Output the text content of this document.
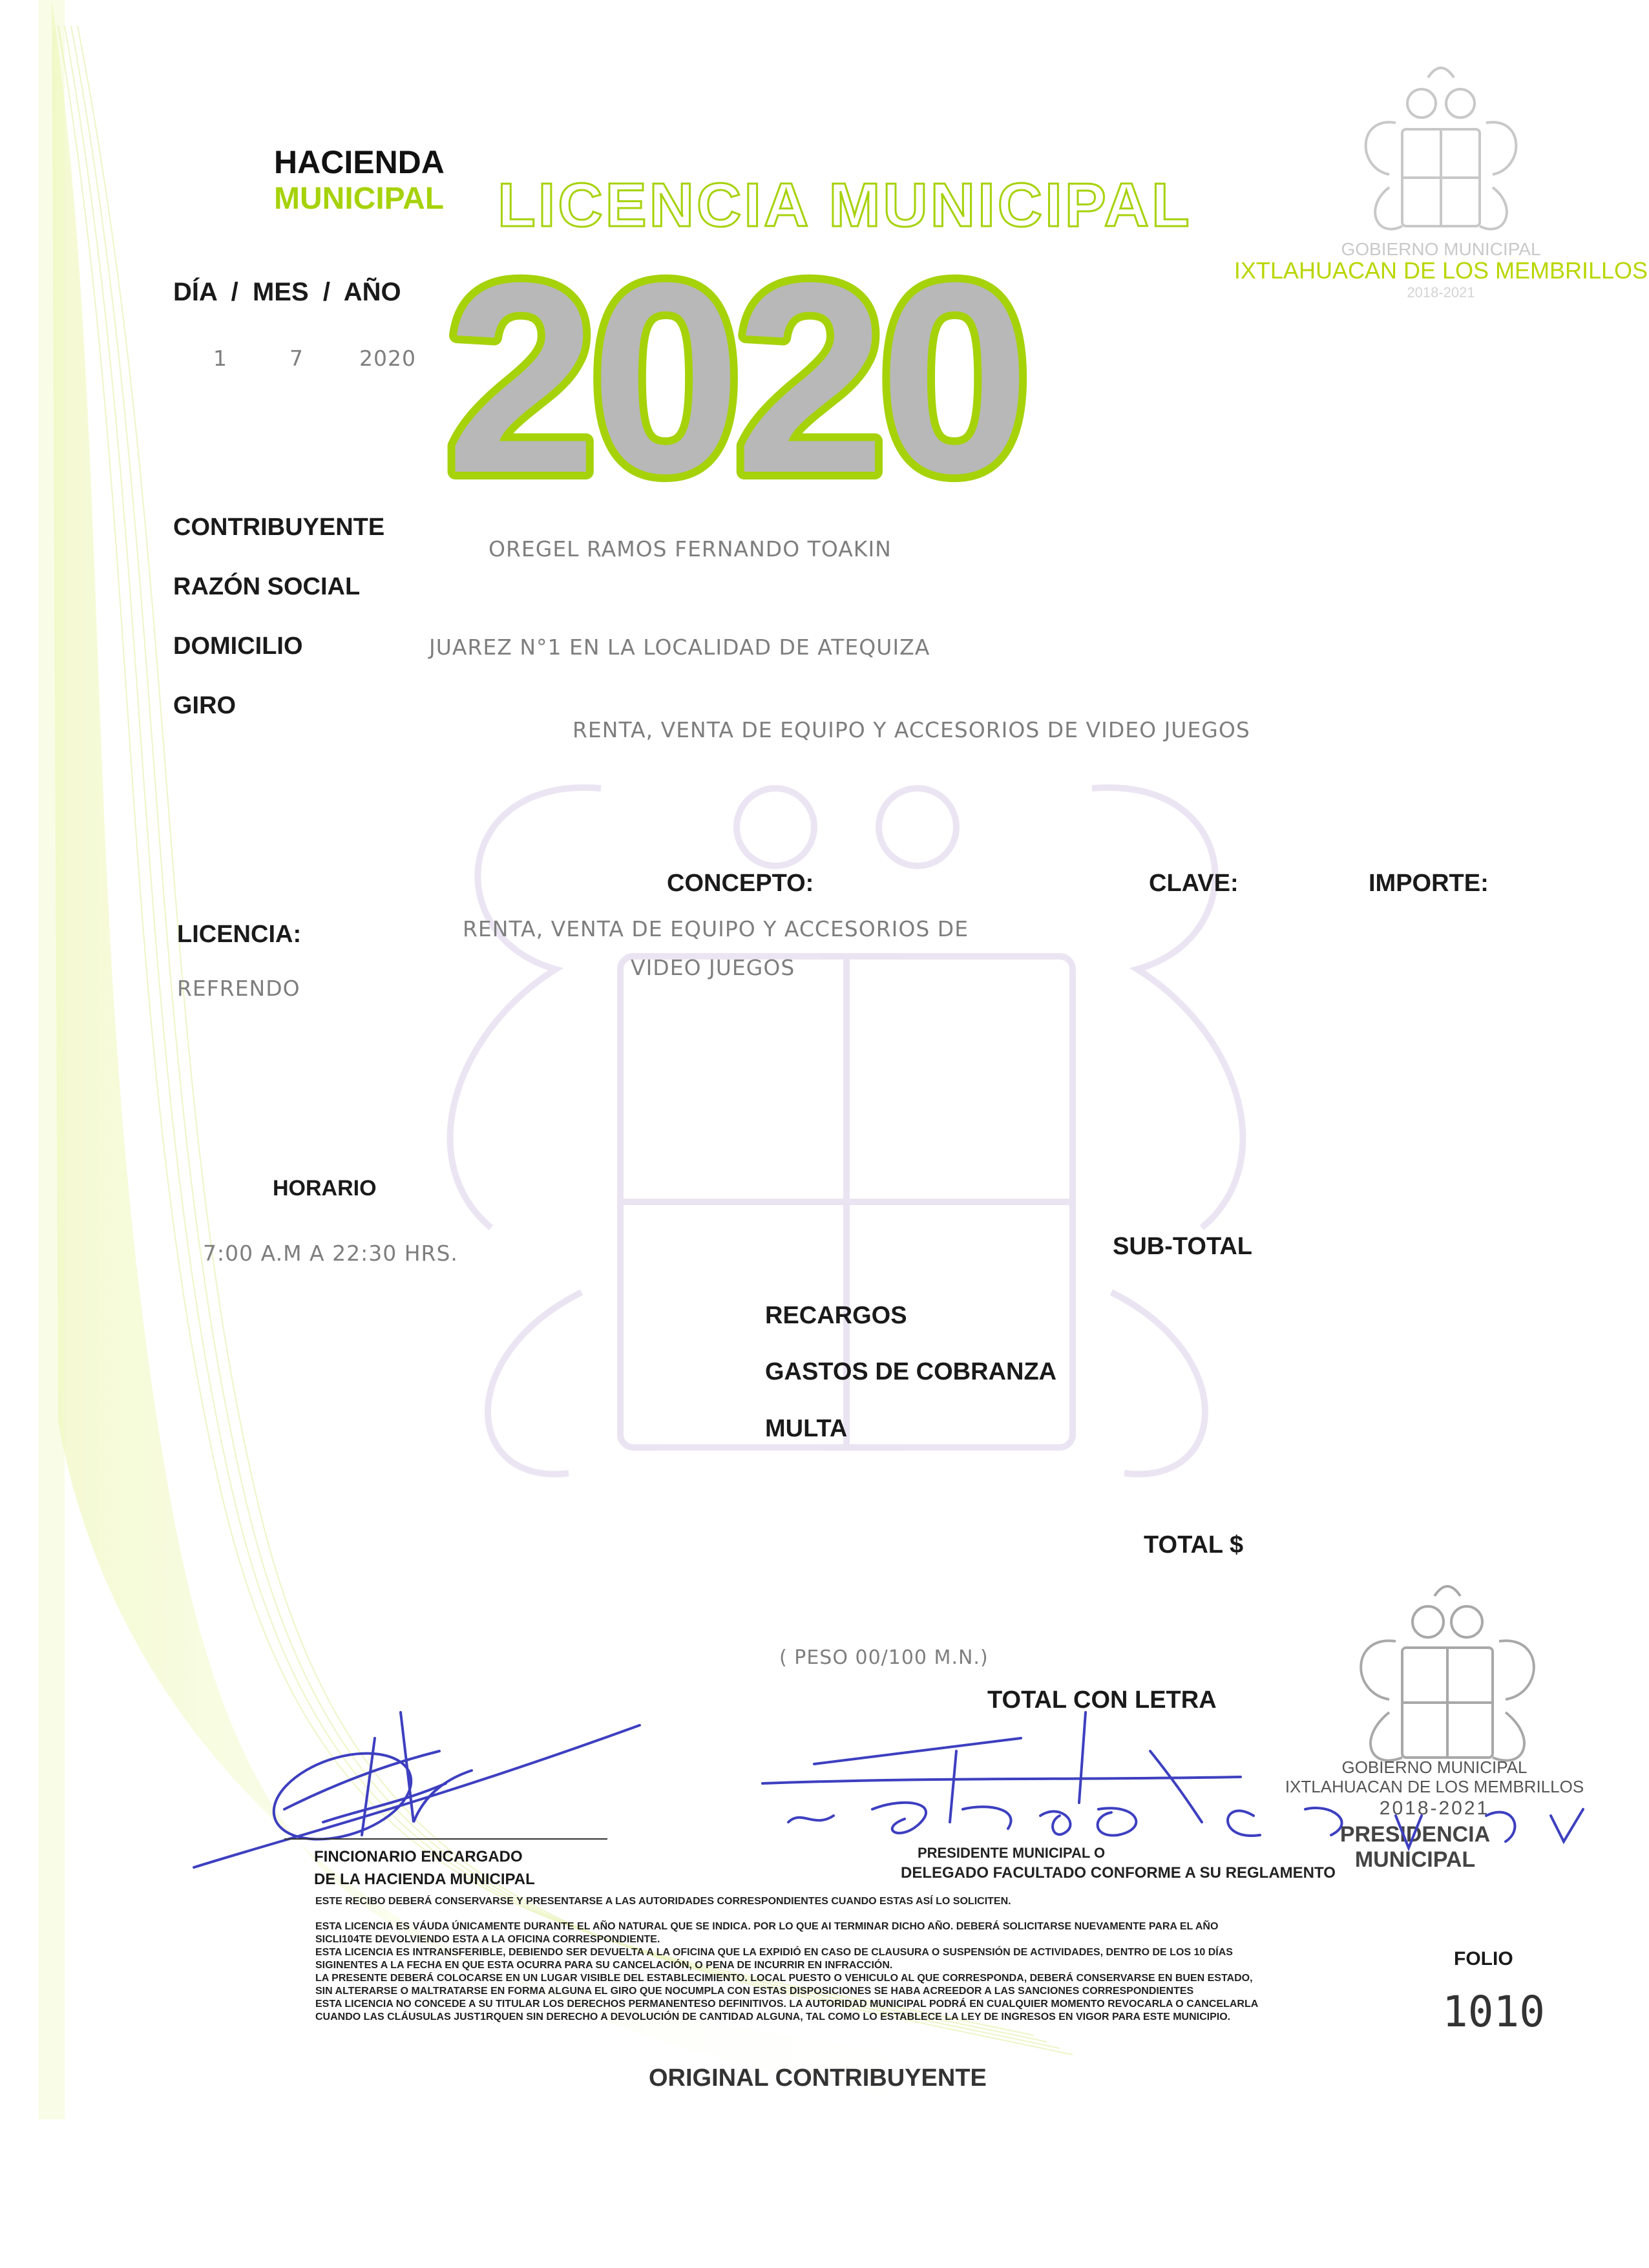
HACIENDA
MUNICIPAL LICENCIA MUNICIPAL
2020	GOBIERNO MUNICIPAL
IXTLAHUACAN DE LOS MEMBRILLOS
2018-2021
DÍA  /  MES  /  AÑO
1	7	2020
CONTRIBUYENTE
OREGEL RAMOS FERNANDO TOAKIN
RAZÓN SOCIAL
DOMICILIO	JUAREZ N°1 EN LA LOCALIDAD DE ATEQUIZA
GIRO
RENTA, VENTA DE EQUIPO Y ACCESORIOS DE VIDEO JUEGOS
CONCEPTO:	CLAVE:	IMPORTE:
LICENCIA:
REFRENDO
RENTA, VENTA DE EQUIPO Y ACCESORIOS DE
VIDEO JUEGOS
HORARIO
7:00 A.M A 22:30 HRS.	SUB-TOTAL
RECARGOS
GASTOS DE COBRANZA
MULTA
TOTAL $
( PESO 00/100 M.N.)
TOTAL CON LETRA
GOBIERNO MUNICIPAL
IXTLAHUACAN DE LOS MEMBRILLOS
2018-2021
PRESIDENCIA MUNICIPAL
FINCIONARIO ENCARGADO
DE LA HACIENDA MUNICIPAL
PRESIDENTE MUNICIPAL O
DELEGADO FACULTADO CONFORME A SU REGLAMENTO
ESTE RECIBO DEBERÁ CONSERVARSE Y PRESENTARSE A LAS AUTORIDADES CORRESPONDIENTES CUANDO ESTAS ASÍ LO SOLICITEN.
ESTA LICENCIA ES VÁUDA ÚNICAMENTE DURANTE EL AÑO NATURAL QUE SE INDICA. POR LO QUE AI TERMINAR DICHO AÑO. DEBERÁ SOLICITARSE NUEVAMENTE PARA EL AÑO
SICLI104TE DEVOLVIENDO ESTA A LA OFICINA CORRESPONDIENTE.
ESTA LICENCIA ES INTRANSFERIBLE, DEBIENDO SER DEVUELTA A LA OFICINA QUE LA EXPIDIÓ EN CASO DE CLAUSURA O SUSPENSIÓN DE ACTIVIDADES, DENTRO DE LOS 10 DÍAS
SIGINENTES A LA FECHA EN QUE ESTA OCURRA PARA SU CANCELACIÓN, O PENA DE INCURRIR EN INFRACCIÓN.
LA PRESENTE DEBERÁ COLOCARSE EN UN LUGAR VISIBLE DEL ESTABLECIMIENTO. LOCAL PUESTO O VEHICULO AL QUE CORRESPONDA, DEBERÁ CONSERVARSE EN BUEN ESTADO,
SIN ALTERARSE O MALTRATARSE EN FORMA ALGUNA EL GIRO QUE NOCUMPLA CON ESTAS DISPOSICIONES SE HABA ACREEDOR A LAS SANCIONES CORRESPONDIENTES
ESTA LICENCIA NO CONCEDE A SU TITULAR LOS DERECHOS PERMANENTESO DEFINITIVOS. LA AUTORIDAD MUNICIPAL PODRÁ EN CUALQUIER MOMENTO REVOCARLA O CANCELARLA
CUANDO LAS CLÁUSULAS JUST1RQUEN SIN DERECHO A DEVOLUCIÓN DE CANTIDAD ALGUNA, TAL COMO LO ESTABLECE LA LEY DE INGRESOS EN VIGOR PARA ESTE MUNICIPIO.
FOLIO
1010
ORIGINAL CONTRIBUYENTE
